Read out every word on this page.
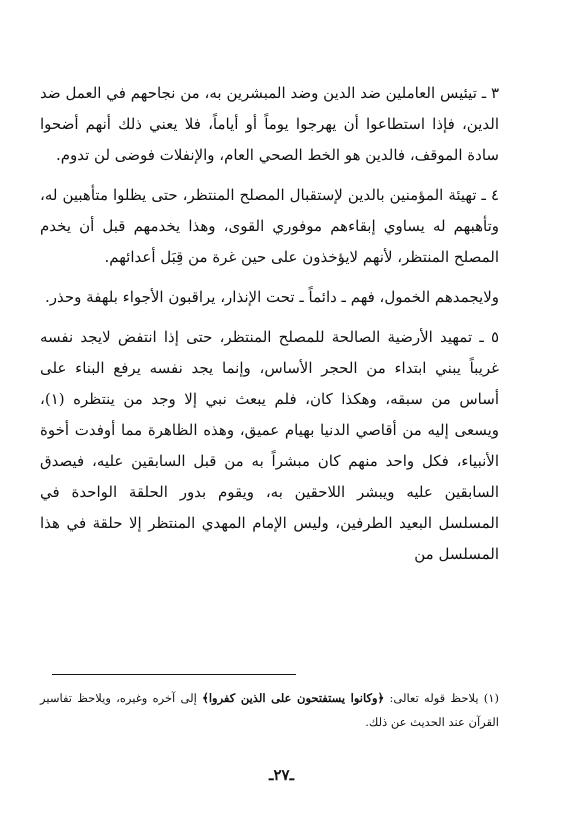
٣ ـ تيئيس العاملين ضد الدين وضد المبشرين به، من نجاحهم في العمل ضد الدين، فإذا استطاعوا أن يهرجوا يوماً أو أياماً، فلا يعني ذلك أنهم أضحوا سادة الموقف، فالدين هو الخط الصحي العام، والإنفلات فوضى لن تدوم.

٤ ـ تهيئة المؤمنين بالدين لإستقبال المصلح المنتظر، حتى يظلوا متأهبين له، وتأهبهم له يساوي إبقاءهم موفوري القوى، وهذا يخدمهم قبل أن يخدم المصلح المنتظر، لأنهم لايؤخذون على حين غرة من قِبَل أعدائهم.

ولايجمدهم الخمول، فهم ـ دائماً ـ تحت الإنذار، يراقبون الأجواء بلهفة وحذر.

٥ ـ تمهيد الأرضية الصالحة للمصلح المنتظر، حتى إذا انتفض لايجد نفسه غريباً يبني ابتداء من الحجر الأساس، وإنما يجد نفسه يرفع البناء على أساس من سبقه، وهكذا كان، فلم يبعث نبي إلا وجد من ينتظره (١)، ويسعى إليه من أقاصي الدنيا بهيام عميق، وهذه الظاهرة مما أوفدت أخوة الأنبياء، فكل واحد منهم كان مبشراً به من قبل السابقين عليه، فيصدق السابقين عليه ويبشر اللاحقين به، ويقوم بدور الحلقة الواحدة في المسلسل البعيد الطرفين، وليس الإمام المهدي المنتظر إلا حلقة في هذا المسلسل من

(١) يلاحظ قوله تعالى: ﴿وكانوا يستفتحون على الذين كفروا﴾ إلى آخره وغيره، ويلاحظ تفاسير القرآن عند الحديث عن ذلك.
ـ٢٧ـ
